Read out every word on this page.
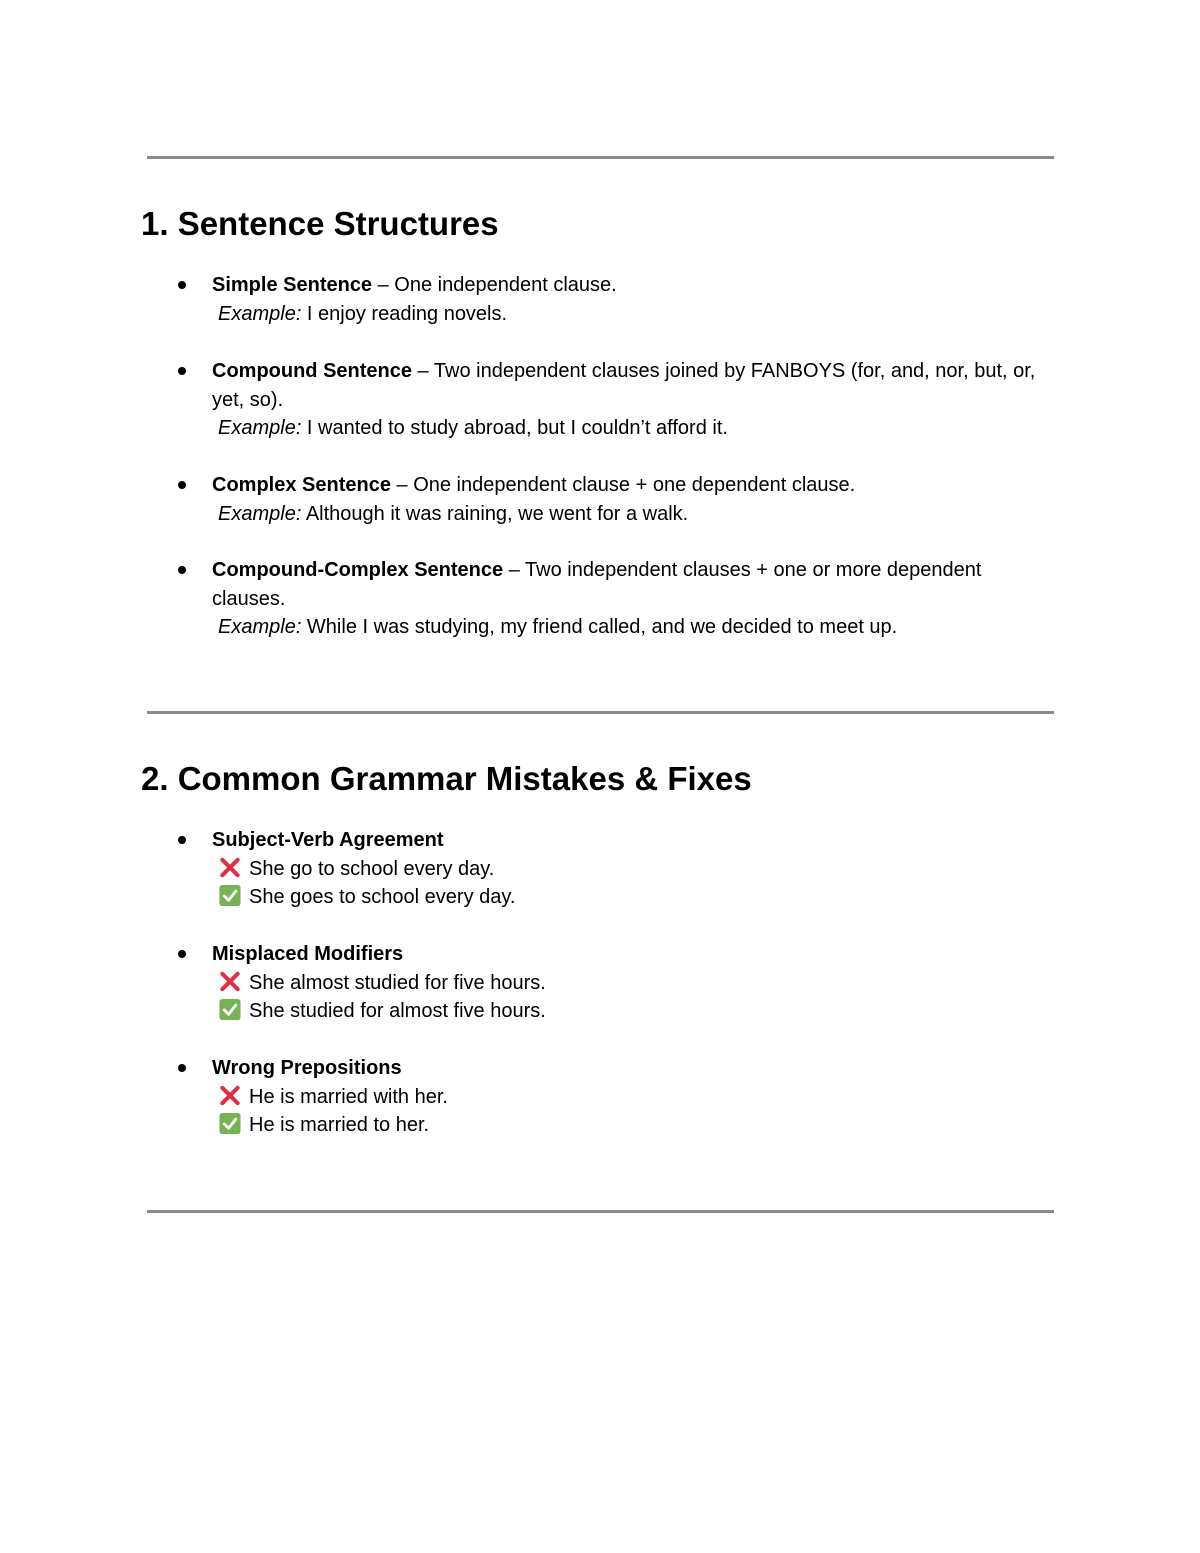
1. Sentence Structures
Simple Sentence – One independent clause.
Example: I enjoy reading novels.
Compound Sentence – Two independent clauses joined by FANBOYS (for, and, nor, but, or, yet, so).
Example: I wanted to study abroad, but I couldn’t afford it.
Complex Sentence – One independent clause + one dependent clause.
Example: Although it was raining, we went for a walk.
Compound-Complex Sentence – Two independent clauses + one or more dependent clauses.
Example: While I was studying, my friend called, and we decided to meet up.
2. Common Grammar Mistakes & Fixes
Subject-Verb Agreement
She go to school every day.
She goes to school every day.
Misplaced Modifiers
She almost studied for five hours.
She studied for almost five hours.
Wrong Prepositions
He is married with her.
He is married to her.
